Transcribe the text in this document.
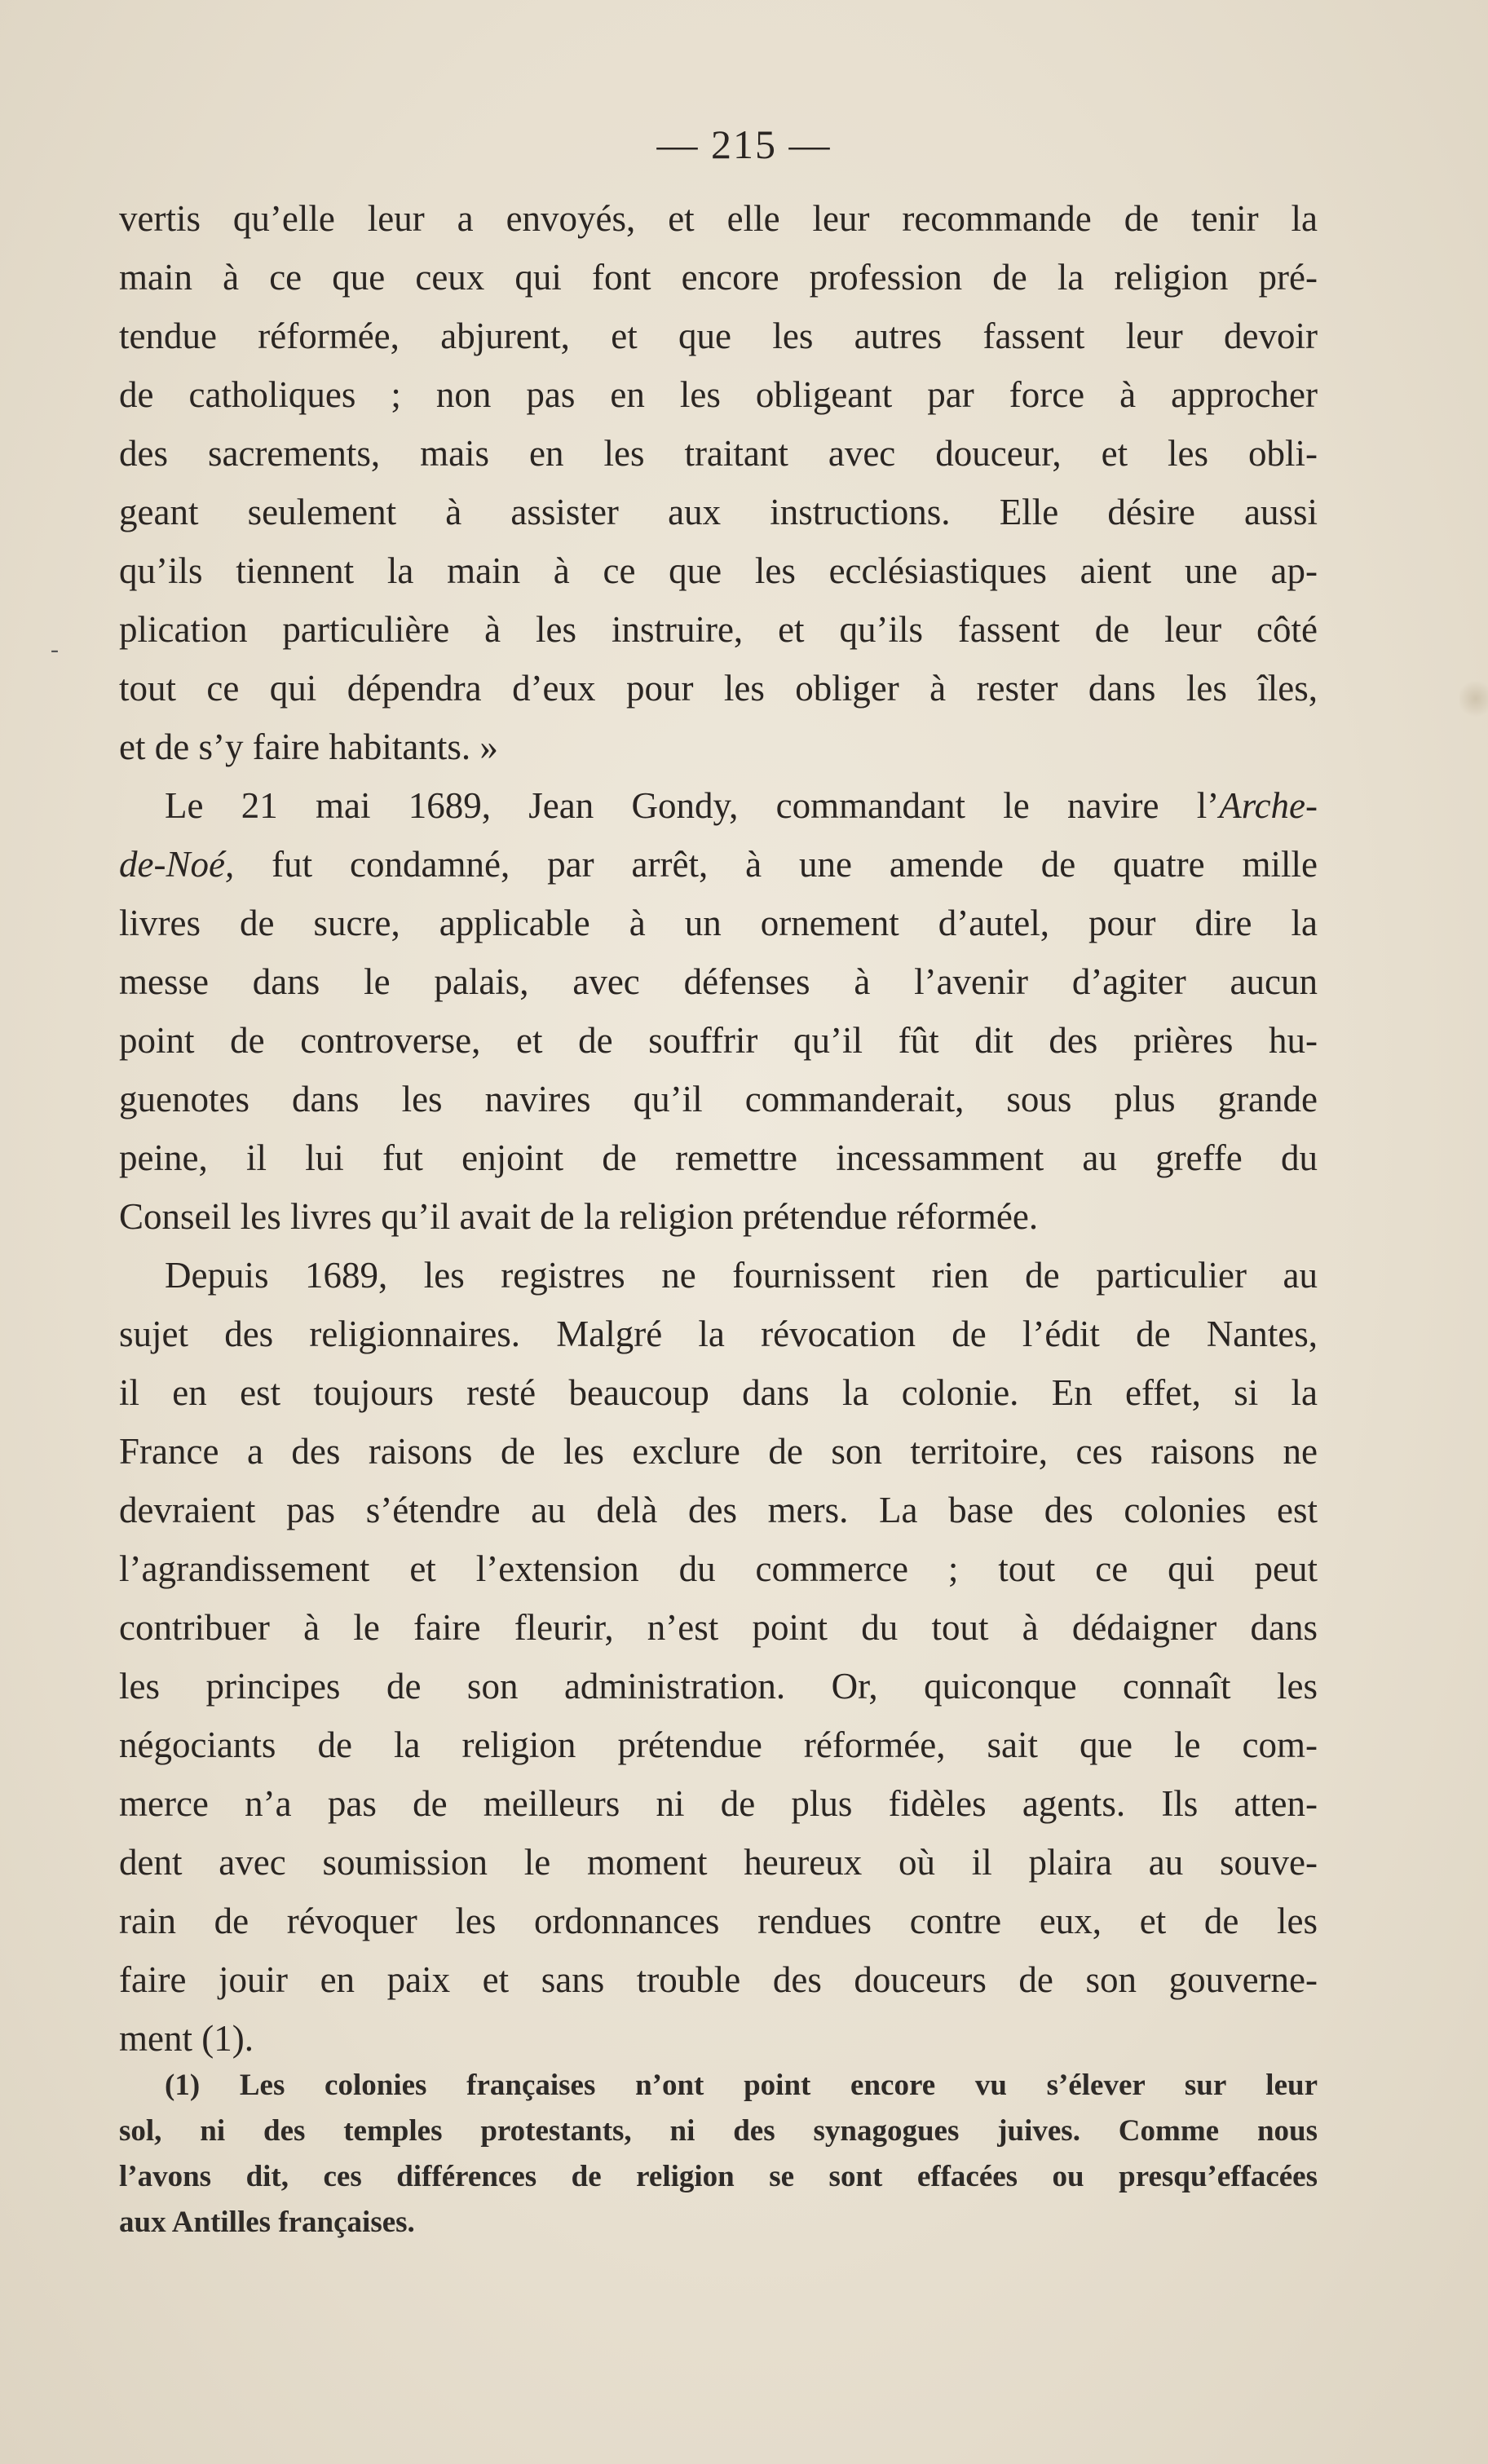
— 215 —
-
vertis qu’elle leur a envoyés, et elle leur recommande de tenir la
main à ce que ceux qui font encore profession de la religion pré-
tendue réformée, abjurent, et que les autres fassent leur devoir
de catholiques ; non pas en les obligeant par force à approcher
des sacrements, mais en les traitant avec douceur, et les obli-
geant seulement à assister aux instructions. Elle désire aussi
qu’ils tiennent la main à ce que les ecclésiastiques aient une ap-
plication particulière à les instruire, et qu’ils fassent de leur côté
tout ce qui dépendra d’eux pour les obliger à rester dans les îles,
et de s’y faire habitants. »
Le 21 mai 1689, Jean Gondy, commandant le navire l’Arche-
de-Noé, fut condamné, par arrêt, à une amende de quatre mille
livres de sucre, applicable à un ornement d’autel, pour dire la
messe dans le palais, avec défenses à l’avenir d’agiter aucun
point de controverse, et de souffrir qu’il fût dit des prières hu-
guenotes dans les navires qu’il commanderait, sous plus grande
peine, il lui fut enjoint de remettre incessamment au greffe du
Conseil les livres qu’il avait de la religion prétendue réformée.
Depuis 1689, les registres ne fournissent rien de particulier au
sujet des religionnaires. Malgré la révocation de l’édit de Nantes,
il en est toujours resté beaucoup dans la colonie. En effet, si la
France a des raisons de les exclure de son territoire, ces raisons ne
devraient pas s’étendre au delà des mers. La base des colonies est
l’agrandissement et l’extension du commerce ; tout ce qui peut
contribuer à le faire fleurir, n’est point du tout à dédaigner dans
les principes de son administration. Or, quiconque connaît les
négociants de la religion prétendue réformée, sait que le com-
merce n’a pas de meilleurs ni de plus fidèles agents. Ils atten-
dent avec soumission le moment heureux où il plaira au souve-
rain de révoquer les ordonnances rendues contre eux, et de les
faire jouir en paix et sans trouble des douceurs de son gouverne-
ment (1).
(1) Les colonies françaises n’ont point encore vu s’élever sur leur
sol, ni des temples protestants, ni des synagogues juives. Comme nous
l’avons dit, ces différences de religion se sont effacées ou presqu’effacées
aux Antilles françaises.
